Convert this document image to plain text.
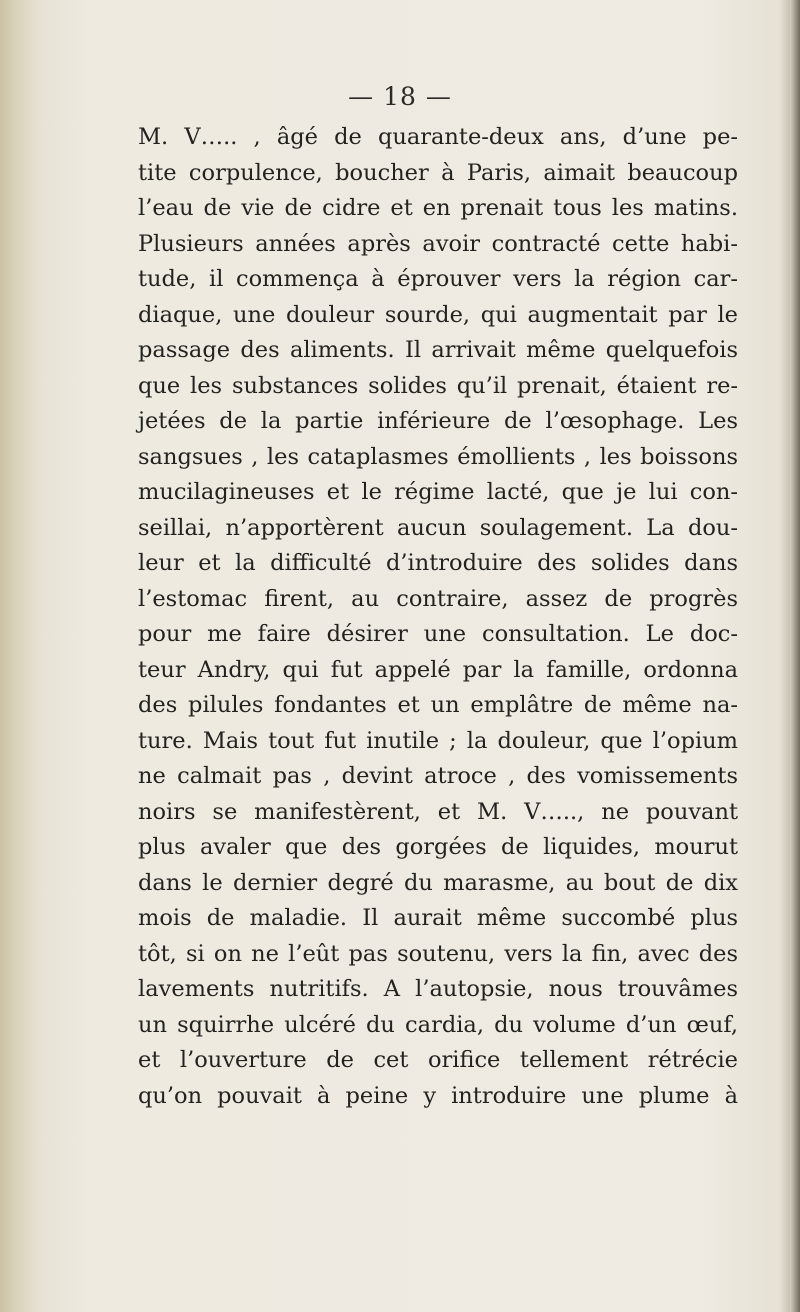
— 18 —
M. V….. , âgé de quarante-deux ans, d’une pe-
tite corpulence, boucher à Paris, aimait beaucoup
l’eau de vie de cidre et en prenait tous les matins.
Plusieurs années après avoir contracté cette habi-
tude, il commença à éprouver vers la région car-
diaque, une douleur sourde, qui augmentait par le
passage des aliments. Il arrivait même quelquefois
que les substances solides qu’il prenait, étaient re-
jetées de la partie inférieure de l’œsophage. Les
sangsues , les cataplasmes émollients , les boissons
mucilagineuses et le régime lacté, que je lui con-
seillai, n’apportèrent aucun soulagement. La dou-
leur et la difficulté d’introduire des solides dans
l’estomac firent, au contraire, assez de progrès
pour me faire désirer une consultation. Le doc-
teur Andry, qui fut appelé par la famille, ordonna
des pilules fondantes et un emplâtre de même na-
ture. Mais tout fut inutile ; la douleur, que l’opium
ne calmait pas , devint atroce , des vomissements
noirs se manifestèrent, et M. V….., ne pouvant
plus avaler que des gorgées de liquides, mourut
dans le dernier degré du marasme, au bout de dix
mois de maladie. Il aurait même succombé plus
tôt, si on ne l’eût pas soutenu, vers la fin, avec des
lavements nutritifs. A l’autopsie, nous trouvâmes
un squirrhe ulcéré du cardia, du volume d’un œuf,
et l’ouverture de cet orifice tellement rétrécie
qu’on pouvait à peine y introduire une plume à
